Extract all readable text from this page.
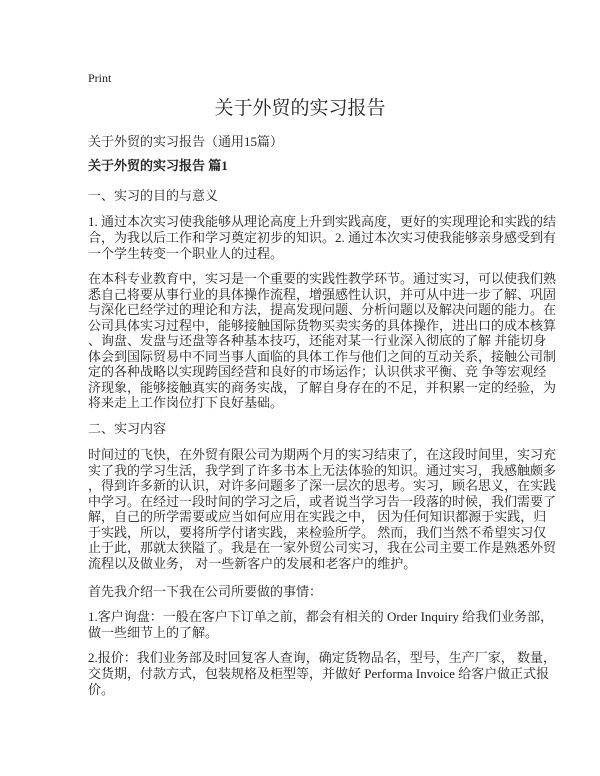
Print
关于外贸的实习报告
关于外贸的实习报告（通用15篇）
关于外贸的实习报告 篇1
一、实习的目的与意义
1. 通过本次实习使我能够从理论高度上升到实践高度，更好的实现理论和实践的结
合，为我以后工作和学习奠定初步的知识。2. 通过本次实习使我能够亲身感受到有
一个学生转变一个职业人的过程。
在本科专业教育中，实习是一个重要的实践性教学环节。通过实习，可以使我们熟
悉自己将要从事行业的具体操作流程，增强感性认识，并可从中进一步了解、巩固
与深化已经学过的理论和方法，提高发现问题、分析问题以及解决问题的能力。在
公司具体实习过程中，能够接触国际货物买卖实务的具体操作，进出口的成本核算
、询盘、发盘与还盘等各种基本技巧，还能对某一行业深入彻底的了解 并能切身
体会到国际贸易中不同当事人面临的具体工作与他们之间的互动关系，接触公司制
定的各种战略以实现跨国经营和良好的市场运作；认识供求平衡、竞 争等宏观经
济现象，能够接触真实的商务实战，了解自身存在的不足，并积累一定的经验，为
将来走上工作岗位打下良好基础。
二、实习内容
时间过的飞快，在外贸有限公司为期两个月的实习结束了，在这段时间里，实习充
实了我的学习生活，我学到了许多书本上无法体验的知识。通过实习，我感触颇多
，得到许多新的认识，对许多问题多了深一层次的思考。实习，顾名思义，在实践
中学习。在经过一段时间的学习之后，或者说当学习告一段落的时候，我们需要了
解，自己的所学需要或应当如何应用在实践之中， 因为任何知识都源于实践，归
于实践，所以，要将所学付诸实践，来检验所学。 然而，我们当然不希望实习仅
止于此，那就太狭隘了。我是在一家外贸公司实习，我在公司主要工作是熟悉外贸
流程以及做业务， 对一些新客户的发展和老客户的维护。
首先我介绍一下我在公司所要做的事情：
1.客户询盘：一般在客户下订单之前，都会有相关的 Order Inquiry 给我们业务部，
做一些细节上的了解。
2.报价：我们业务部及时回复客人查询，确定货物品名，型号，生产厂家， 数量，
交货期，付款方式，包装规格及柜型等，并做好 Performa Invoice 给客户做正式报
价。
